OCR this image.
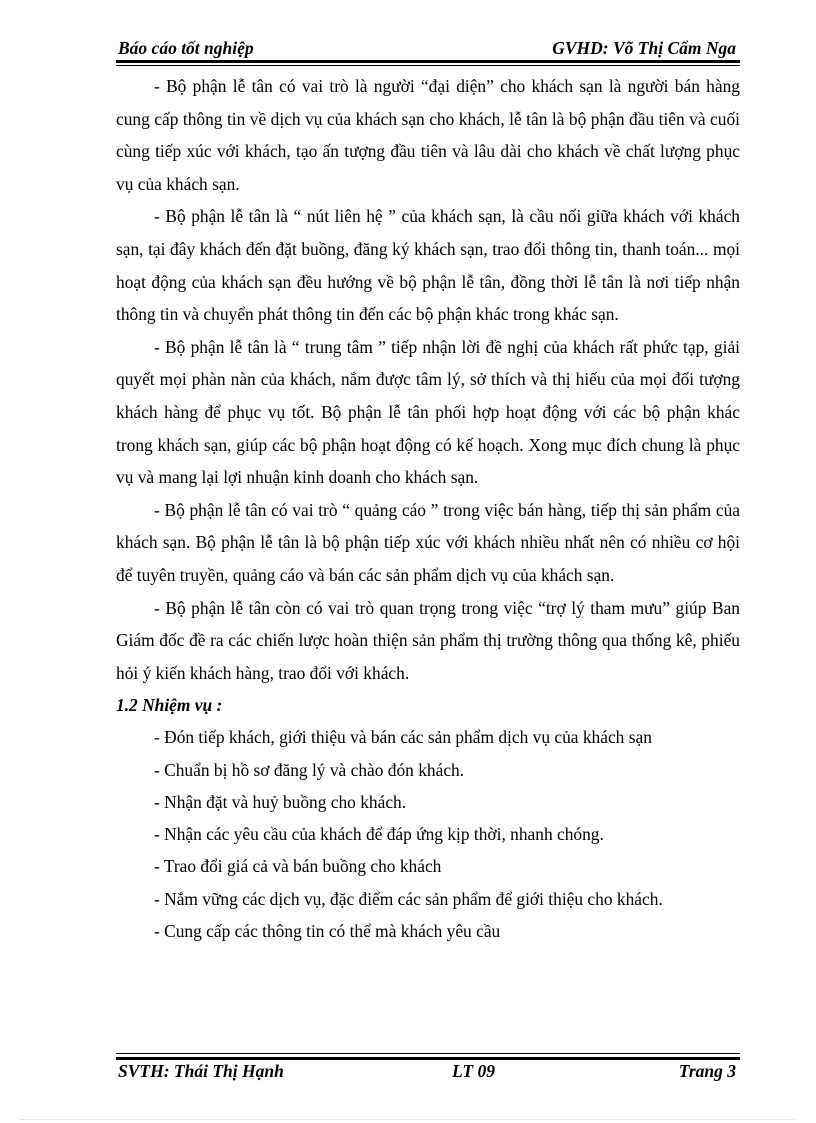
Báo cáo tốt nghiệp	GVHD: Võ Thị Cẩm Nga

- Bộ phận lễ tân có vai trò là người “đại diện” cho khách sạn là người bán hàng cung cấp thông tin về dịch vụ của khách sạn cho khách, lễ tân là bộ phận đầu tiên và cuối cùng tiếp xúc với khách, tạo ấn tượng đầu tiên và lâu dài cho khách về chất lượng phục vụ của khách sạn.

- Bộ phận lễ tân là “ nút liên hệ ” của khách sạn, là cầu nối giữa khách với khách sạn, tại đây khách đến đặt buồng, đăng ký khách sạn, trao đổi thông tin, thanh toán... mọi hoạt động của khách sạn đều hướng về bộ phận lễ tân, đồng thời lễ tân là nơi tiếp nhận thông tin và chuyển phát thông tin đến các bộ phận khác trong khác sạn.

- Bộ phận lễ tân là “ trung tâm ” tiếp nhận lời đề nghị của khách rất phức tạp, giải quyết mọi phàn nàn của khách, nắm được tâm lý, sở thích và thị hiếu của mọi đối tượng khách hàng để phục vụ tốt. Bộ phận lễ tân phối hợp hoạt động với các bộ phận khác trong khách sạn, giúp các bộ phận hoạt động có kế hoạch. Xong mục đích chung là phục vụ và mang lại lợi nhuận kinh doanh cho khách sạn.

- Bộ phận lễ tân có vai trò “ quảng cáo ” trong việc bán hàng, tiếp thị sản phẩm của khách sạn. Bộ phận lễ tân là bộ phận tiếp xúc với khách nhiều nhất nên có nhiều cơ hội để tuyên truyền, quảng cáo và bán các sản phẩm dịch vụ của khách sạn.

- Bộ phận lễ tân còn có vai trò quan trọng trong việc “trợ lý tham mưu” giúp Ban Giám đốc đề ra các chiến lược hoàn thiện sản phẩm thị trường thông qua thống kê, phiếu hỏi ý kiến khách hàng, trao đổi với khách.

1.2 Nhiệm vụ :

- Đón tiếp khách, giới thiệu và bán các sản phẩm dịch vụ của khách sạn

- Chuẩn bị hồ sơ đăng lý và chào đón khách.

- Nhận đặt và huỷ buồng cho khách.

- Nhận các yêu cầu của khách để đáp ứng kịp thời, nhanh chóng.

- Trao đổi giá cả và bán buồng cho khách

- Nắm vững các dịch vụ, đặc điểm các sản phẩm để giới thiệu cho khách.

- Cung cấp các thông tin có thể mà khách yêu cầu

SVTH: Thái Thị Hạnh	LT 09	Trang 3
